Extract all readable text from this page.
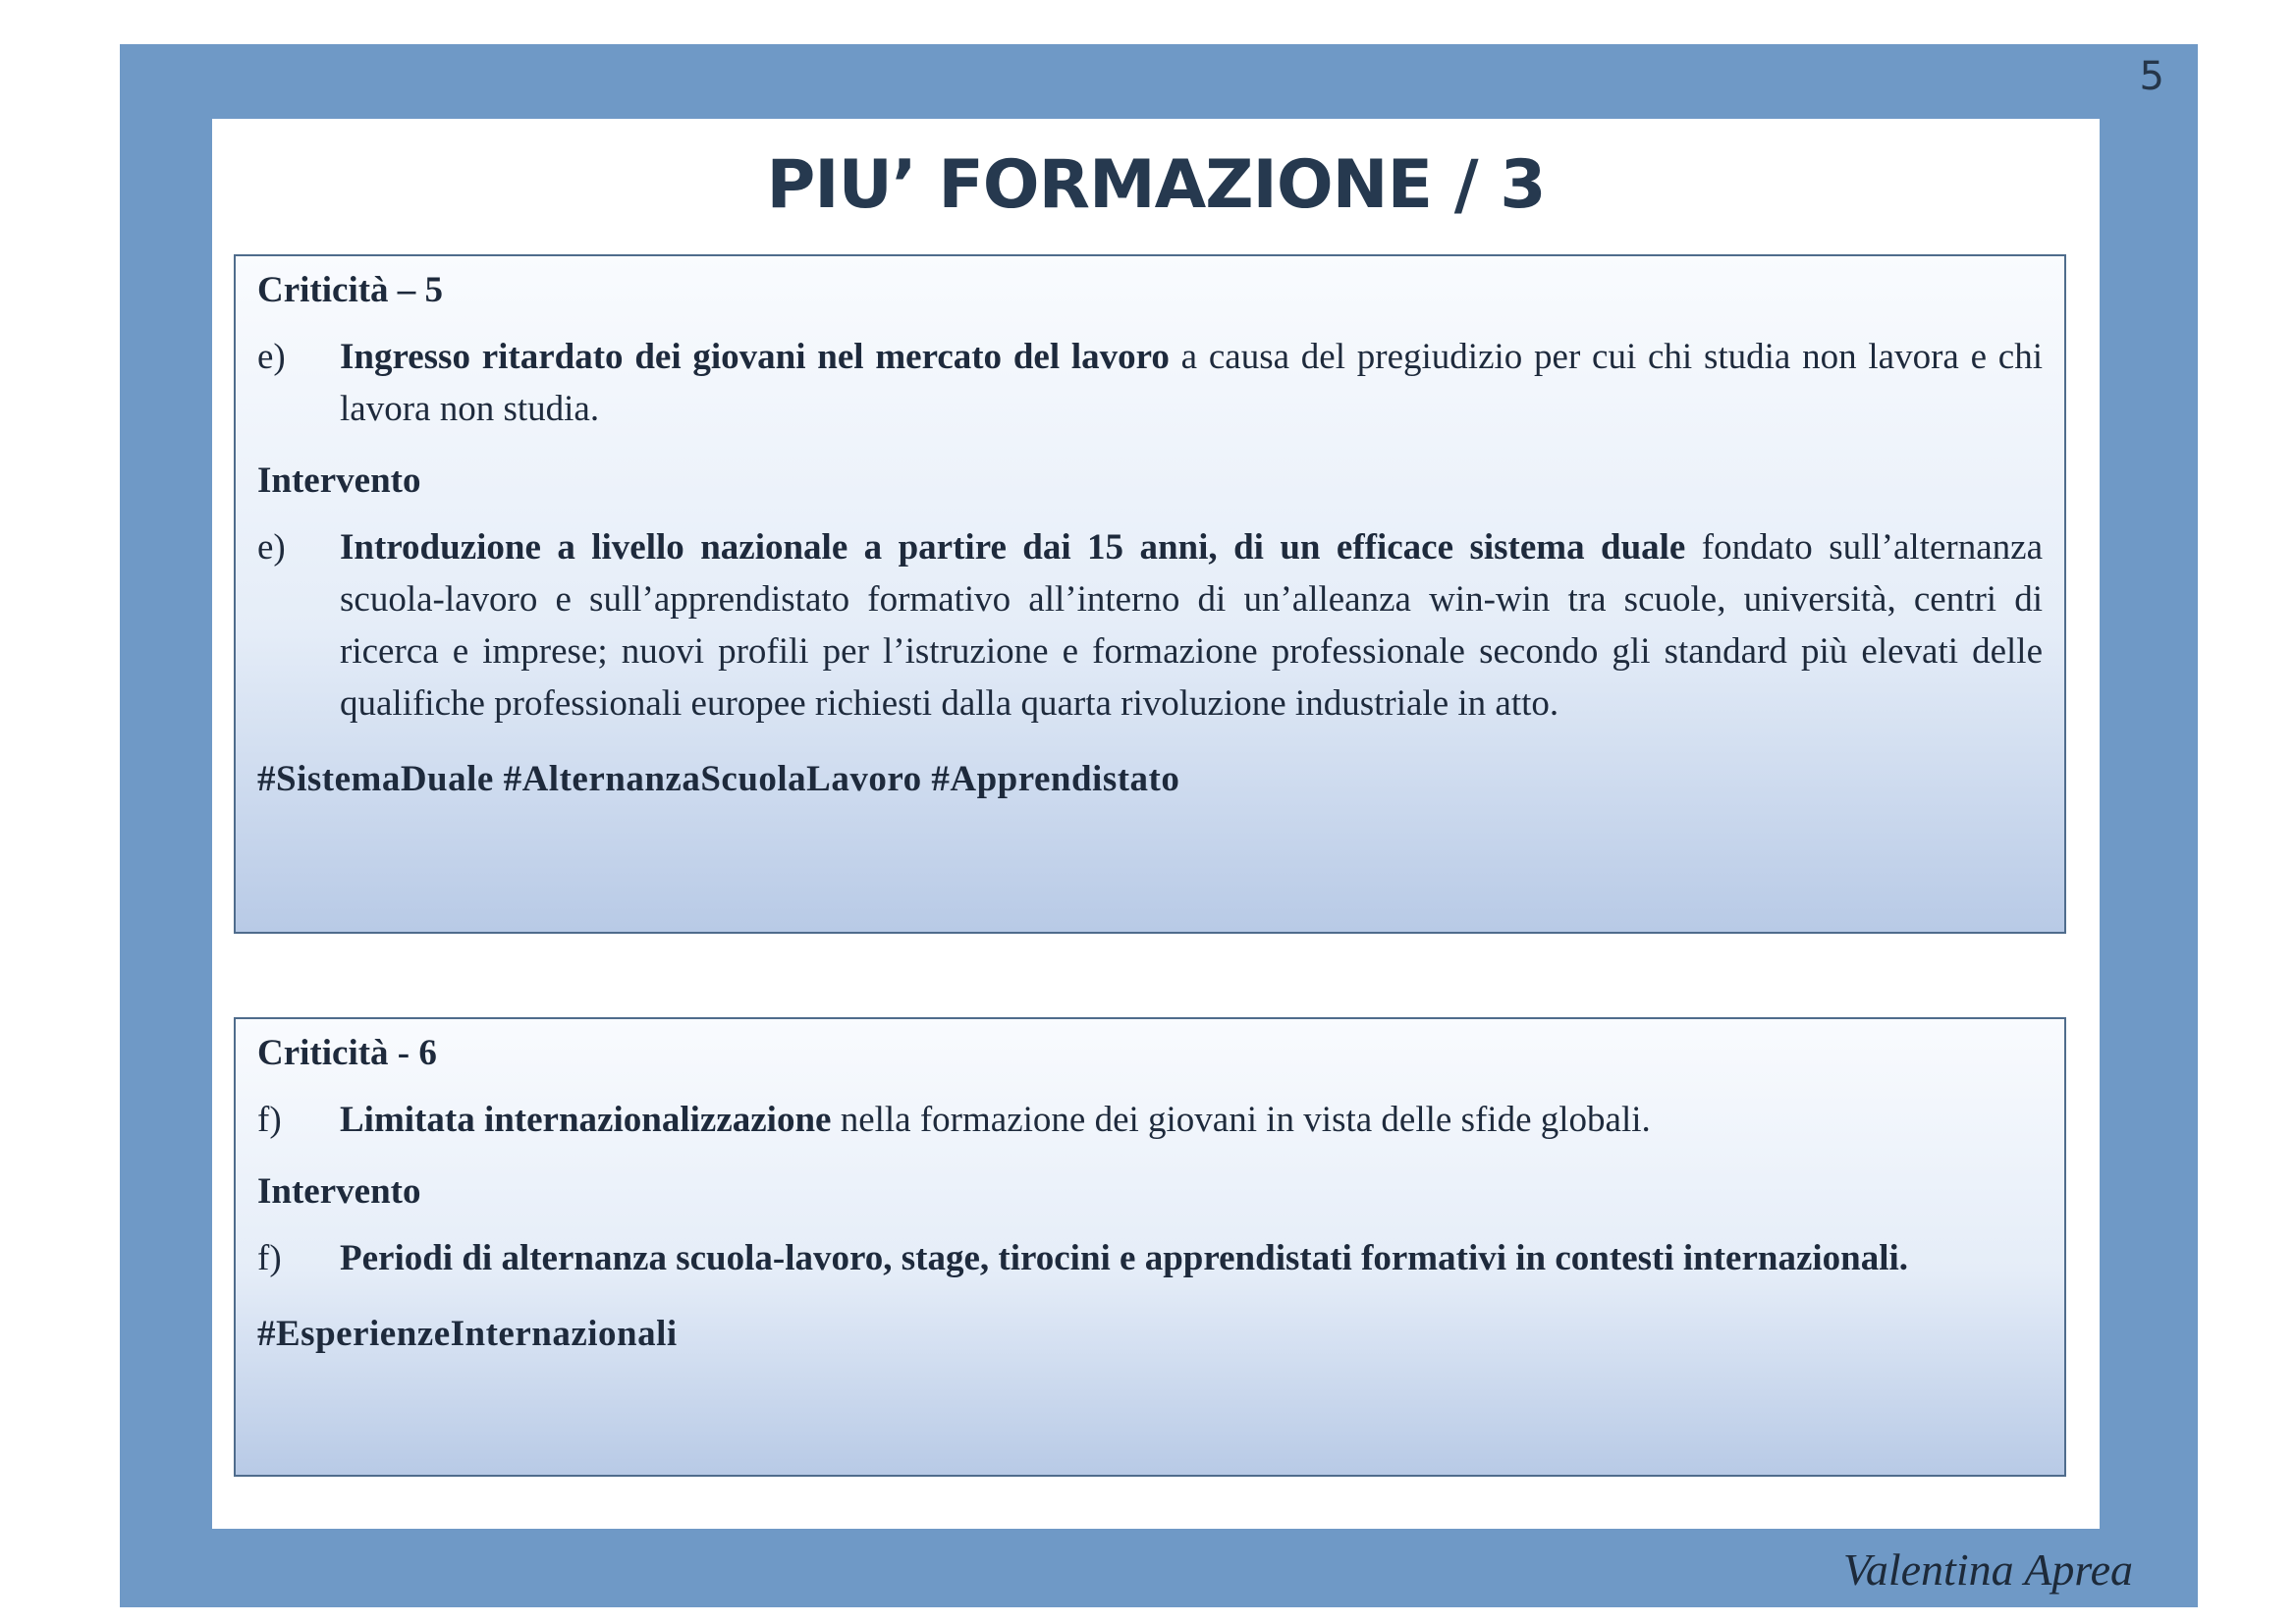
5
PIU’ FORMAZIONE / 3
Criticità – 5
e) Ingresso ritardato dei giovani nel mercato del lavoro a causa del pregiudizio per cui chi studia non lavora e chi lavora non studia.
Intervento
e) Introduzione a livello nazionale a partire dai 15 anni, di un efficace sistema duale fondato sull’alternanza scuola-lavoro e sull’apprendistato formativo all’interno di un’alleanza win-win tra scuole, università, centri di ricerca e imprese; nuovi profili per l’istruzione e formazione professionale secondo gli standard più elevati delle qualifiche professionali europee richiesti dalla quarta rivoluzione industriale in atto.
#SistemaDuale #AlternanzaScuolaLavoro #Apprendistato
Criticità - 6
f) Limitata internazionalizzazione nella formazione dei giovani in vista delle sfide globali.
Intervento
f) Periodi di alternanza scuola-lavoro, stage, tirocini e apprendistati formativi in contesti internazionali.
#EsperienzeInternazionali
Valentina Aprea
